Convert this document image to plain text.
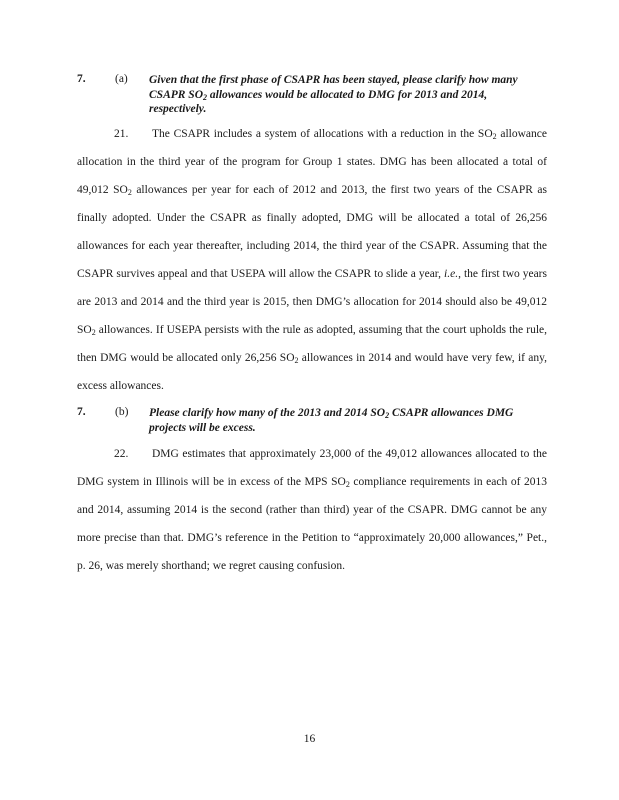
7.	(a) Given that the first phase of CSAPR has been stayed, please clarify how many CSAPR $SO_2$ allowances would be allocated to DMG for 2013 and 2014, respectively.

21. The CSAPR includes a system of allocations with a reduction in the $SO_2$ allowance allocation in the third year of the program for Group 1 states. DMG has been allocated a total of 49,012 $SO_2$ allowances per year for each of 2012 and 2013, the first two years of the CSAPR as finally adopted. Under the CSAPR as finally adopted, DMG will be allocated a total of 26,256 allowances for each year thereafter, including 2014, the third year of the CSAPR. Assuming that the CSAPR survives appeal and that USEPA will allow the CSAPR to slide a year, i.e., the first two years are 2013 and 2014 and the third year is 2015, then DMG’s allocation for 2014 should also be 49,012 $SO_2$ allowances. If USEPA persists with the rule as adopted, assuming that the court upholds the rule, then DMG would be allocated only 26,256 $SO_2$ allowances in 2014 and would have very few, if any, excess allowances.

7.	(b) Please clarify how many of the 2013 and 2014 $SO_2$ CSAPR allowances DMG projects will be excess.

22. DMG estimates that approximately 23,000 of the 49,012 allowances allocated to the DMG system in Illinois will be in excess of the MPS $SO_2$ compliance requirements in each of 2013 and 2014, assuming 2014 is the second (rather than third) year of the CSAPR. DMG cannot be any more precise than that. DMG’s reference in the Petition to “approximately 20,000 allowances,” Pet., p. 26, was merely shorthand; we regret causing confusion.

16
